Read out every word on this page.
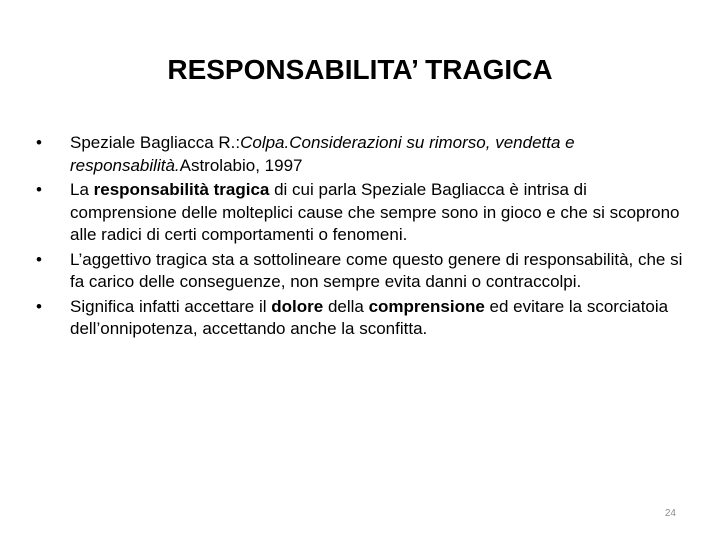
RESPONSABILITA’ TRAGICA
•	Speziale Bagliacca R.:Colpa.Considerazioni su rimorso, vendetta e responsabilità.Astrolabio, 1997
•	La responsabilità tragica di cui parla Speziale Bagliacca è intrisa di comprensione delle molteplici cause che sempre sono in gioco e che si scoprono alle radici di certi comportamenti o fenomeni.
•	L’aggettivo tragica sta a sottolineare come questo genere di responsabilità, che si fa carico delle conseguenze, non sempre evita danni o contraccolpi.
•	Significa infatti accettare il dolore della comprensione ed evitare la scorciatoia dell’onnipotenza, accettando anche la sconfitta.
24
